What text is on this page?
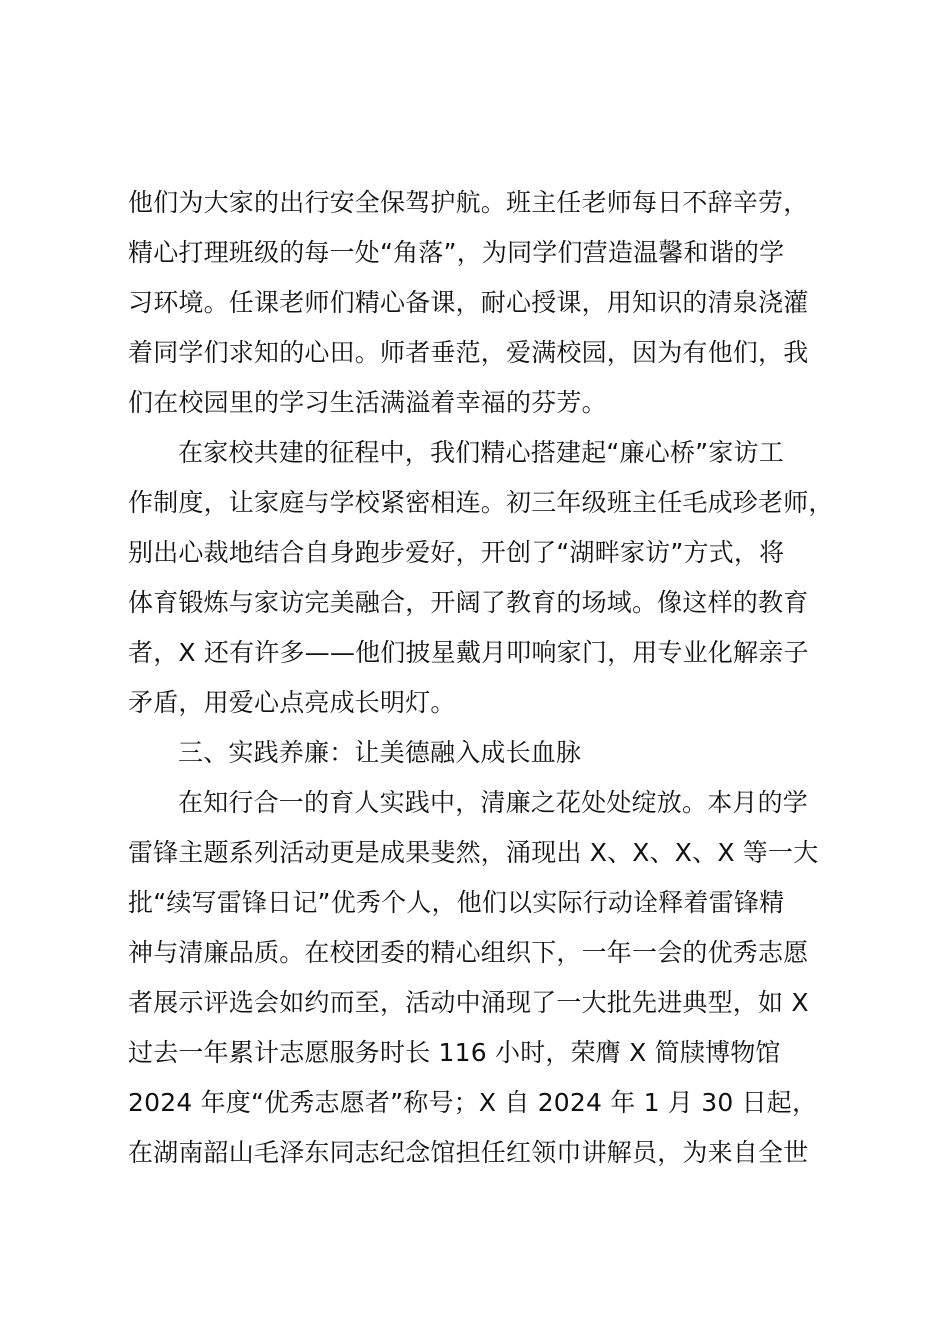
他们为大家的出行安全保驾护航。班主任老师每日不辞辛劳，
精心打理班级的每一处“角落”，为同学们营造温馨和谐的学
习环境。任课老师们精心备课，耐心授课，用知识的清泉浇灌
着同学们求知的心田。师者垂范，爱满校园，因为有他们，我
们在校园里的学习生活满溢着幸福的芬芳。
在家校共建的征程中，我们精心搭建起“廉心桥”家访工
作制度，让家庭与学校紧密相连。初三年级班主任毛成珍老师，
别出心裁地结合自身跑步爱好，开创了“湖畔家访”方式，将
体育锻炼与家访完美融合，开阔了教育的场域。像这样的教育
者，X 还有许多——他们披星戴月叩响家门，用专业化解亲子
矛盾，用爱心点亮成长明灯。
三、实践养廉：让美德融入成长血脉
在知行合一的育人实践中，清廉之花处处绽放。本月的学
雷锋主题系列活动更是成果斐然，涌现出 X、X、X、X 等一大
批“续写雷锋日记”优秀个人，他们以实际行动诠释着雷锋精
神与清廉品质。在校团委的精心组织下，一年一会的优秀志愿
者展示评选会如约而至，活动中涌现了一大批先进典型，如 X
过去一年累计志愿服务时长 116 小时，荣膺 X 简牍博物馆
2024 年度“优秀志愿者”称号；X 自 2024 年 1 月 30 日起，
在湖南韶山毛泽东同志纪念馆担任红领巾讲解员，为来自全世
